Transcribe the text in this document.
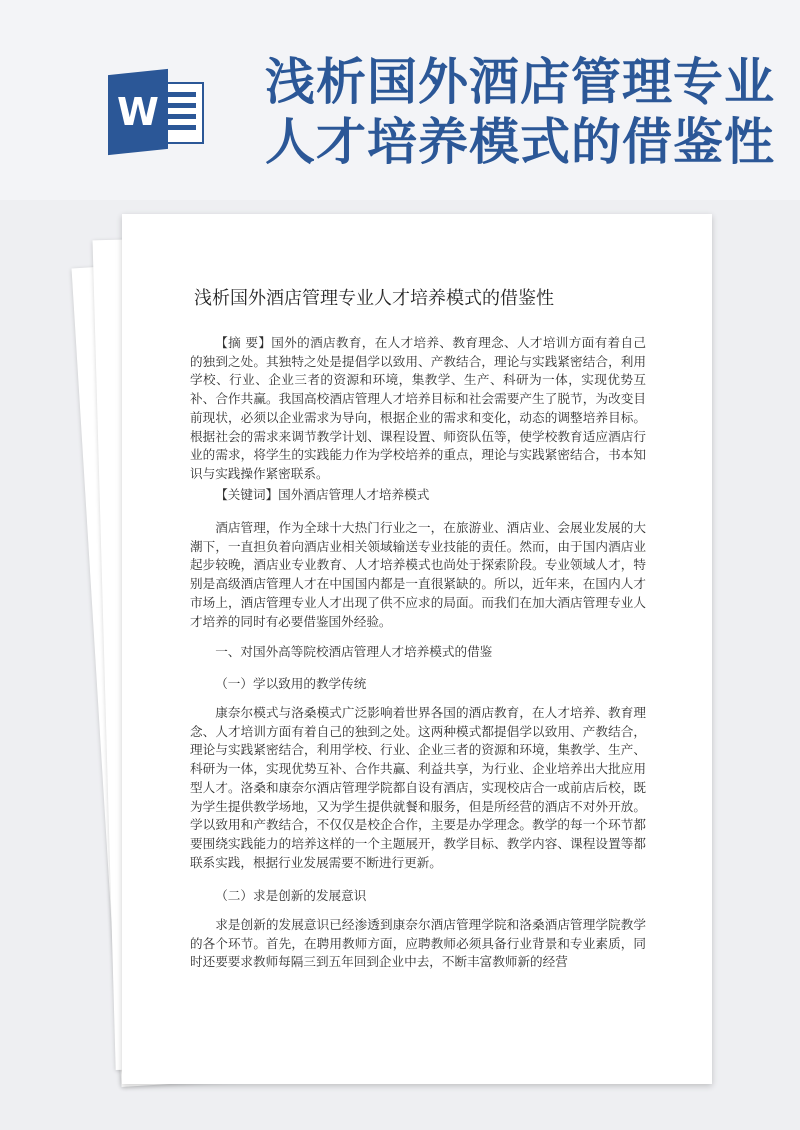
W
浅析国外酒店管理专业
人才培养模式的借鉴性
浅析国外酒店管理专业人才培养模式的借鉴性
【摘 要】国外的酒店教育，在人才培养、教育理念、人才培训方面有着自己的独到之处。其独特之处是提倡学以致用、产教结合，理论与实践紧密结合，利用学校、行业、企业三者的资源和环境，集教学、生产、科研为一体，实现优势互补、合作共赢。我国高校酒店管理人才培养目标和社会需要产生了脱节，为改变目前现状，必须以企业需求为导向，根据企业的需求和变化，动态的调整培养目标。根据社会的需求来调节教学计划、课程设置、师资队伍等，使学校教育适应酒店行业的需求，将学生的实践能力作为学校培养的重点，理论与实践紧密结合，书本知识与实践操作紧密联系。
【关键词】国外酒店管理人才培养模式
酒店管理，作为全球十大热门行业之一，在旅游业、酒店业、会展业发展的大潮下，一直担负着向酒店业相关领域输送专业技能的责任。然而，由于国内酒店业起步较晚，酒店业专业教育、人才培养模式也尚处于探索阶段。专业领域人才，特别是高级酒店管理人才在中国国内都是一直很紧缺的。所以，近年来，在国内人才市场上，酒店管理专业人才出现了供不应求的局面。而我们在加大酒店管理专业人才培养的同时有必要借鉴国外经验。
一、对国外高等院校酒店管理人才培养模式的借鉴
（一）学以致用的教学传统
康奈尔模式与洛桑模式广泛影响着世界各国的酒店教育，在人才培养、教育理念、人才培训方面有着自己的独到之处。这两种模式都提倡学以致用、产教结合，理论与实践紧密结合，利用学校、行业、企业三者的资源和环境，集教学、生产、科研为一体，实现优势互补、合作共赢、利益共享，为行业、企业培养出大批应用型人才。洛桑和康奈尔酒店管理学院都自设有酒店，实现校店合一或前店后校，既为学生提供教学场地，又为学生提供就餐和服务，但是所经营的酒店不对外开放。学以致用和产教结合，不仅仅是校企合作，主要是办学理念。教学的每一个环节都要围绕实践能力的培养这样的一个主题展开，教学目标、教学内容、课程设置等都联系实践，根据行业发展需要不断进行更新。
（二）求是创新的发展意识
求是创新的发展意识已经渗透到康奈尔酒店管理学院和洛桑酒店管理学院教学的各个环节。首先，在聘用教师方面，应聘教师必须具备行业背景和专业素质，同时还要要求教师每隔三到五年回到企业中去，不断丰富教师新的经营
